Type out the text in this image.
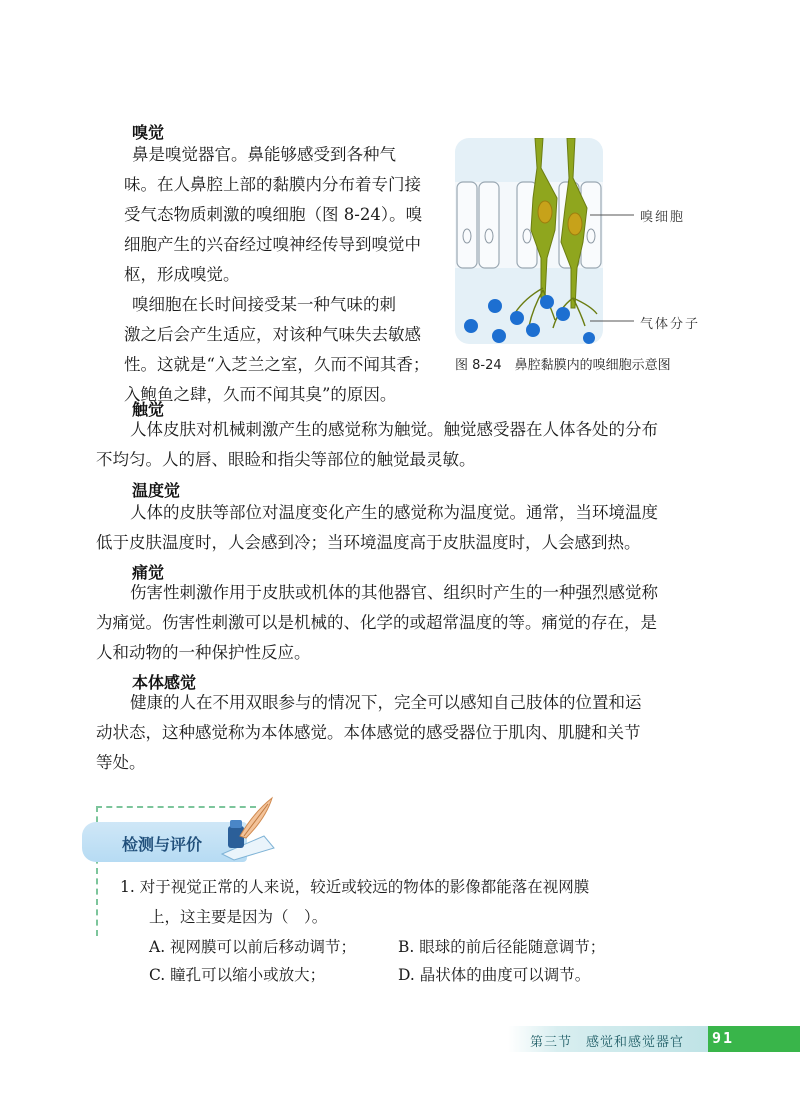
嗅觉
鼻是嗅觉器官。鼻能够感受到各种气
味。在人鼻腔上部的黏膜内分布着专门接
受气态物质刺激的嗅细胞（图 8-24）。嗅
细胞产生的兴奋经过嗅神经传导到嗅觉中
枢，形成嗅觉。
嗅细胞在长时间接受某一种气味的刺
激之后会产生适应，对该种气味失去敏感
性。这就是“入芝兰之室，久而不闻其香；
入鲍鱼之肆，久而不闻其臭”的原因。
嗅细胞
气体分子
图 8-24　鼻腔黏膜内的嗅细胞示意图
触觉
人体皮肤对机械刺激产生的感觉称为触觉。触觉感受器在人体各处的分布
不均匀。人的唇、眼睑和指尖等部位的触觉最灵敏。
温度觉
人体的皮肤等部位对温度变化产生的感觉称为温度觉。通常，当环境温度
低于皮肤温度时，人会感到冷；当环境温度高于皮肤温度时，人会感到热。
痛觉
伤害性刺激作用于皮肤或机体的其他器官、组织时产生的一种强烈感觉称
为痛觉。伤害性刺激可以是机械的、化学的或超常温度的等。痛觉的存在，是
人和动物的一种保护性反应。
本体感觉
健康的人在不用双眼参与的情况下，完全可以感知自己肢体的位置和运
动状态，这种感觉称为本体感觉。本体感觉的感受器位于肌肉、肌腱和关节
等处。
检测与评价
1. 对于视觉正常的人来说，较近或较远的物体的影像都能落在视网膜
上，这主要是因为（　）。
A. 视网膜可以前后移动调节；	B. 眼球的前后径能随意调节；
C. 瞳孔可以缩小或放大；	D. 晶状体的曲度可以调节。
第三节　感觉和感觉器官 91
